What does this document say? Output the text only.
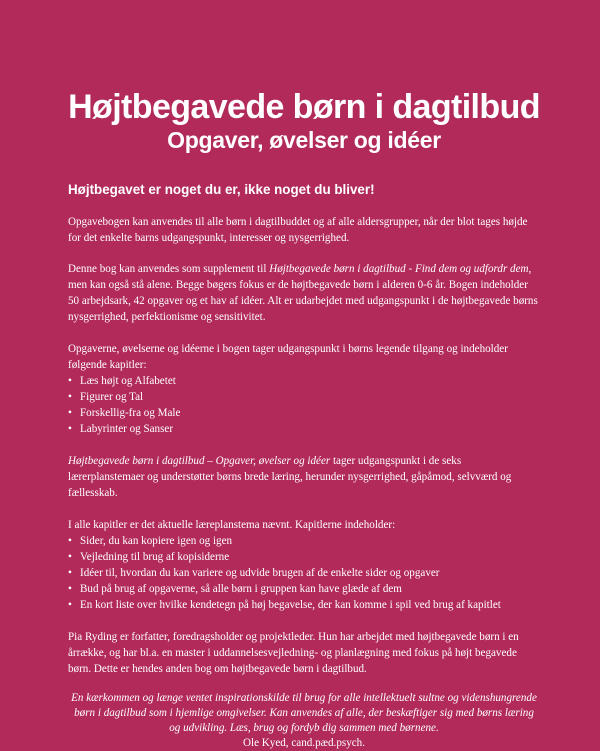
Højtbegavede børn i dagtilbud
Opgaver, øvelser og idéer

Højtbegavet er noget du er, ikke noget du bliver!

Opgavebogen kan anvendes til alle børn i dagtilbuddet og af alle aldersgrupper, når der blot tages højde for det enkelte barns udgangspunkt, interesser og nysgerrighed.

Denne bog kan anvendes som supplement til Højtbegavede børn i dagtilbud - Find dem og udfordr dem, men kan også stå alene. Begge bøgers fokus er de højtbegavede børn i alderen 0-6 år. Bogen indeholder 50 arbejdsark, 42 opgaver og et hav af idéer. Alt er udarbejdet med udgangspunkt i de højtbegavede børns nysgerrighed, perfektionisme og sensitivitet.

Opgaverne, øvelserne og idéerne i bogen tager udgangspunkt i børns legende tilgang og indeholder følgende kapitler:
• Læs højt og Alfabetet
• Figurer og Tal
• Forskellig-fra og Male
• Labyrinter og Sanser

Højtbegavede børn i dagtilbud – Opgaver, øvelser og idéer tager udgangspunkt i de seks lærerplanstemaer og understøtter børns brede læring, herunder nysgerrighed, gåpåmod, selvværd og fællesskab.

I alle kapitler er det aktuelle læreplanstema nævnt. Kapitlerne indeholder:
• Sider, du kan kopiere igen og igen
• Vejledning til brug af kopisiderne
• Idéer til, hvordan du kan variere og udvide brugen af de enkelte sider og opgaver
• Bud på brug af opgaverne, så alle børn i gruppen kan have glæde af dem
• En kort liste over hvilke kendetegn på høj begavelse, der kan komme i spil ved brug af kapitlet

Pia Ryding er forfatter, foredragsholder og projektleder. Hun har arbejdet med højtbegavede børn i en årrække, og har bl.a. en master i uddannelsesvejledning- og planlægning med fokus på højt begavede børn. Dette er hendes anden bog om højtbegavede børn i dagtilbud.

En kærkommen og længe ventet inspirationskilde til brug for alle intellektuelt sultne og videnshungrende børn i dagtilbud som i hjemlige omgivelser. Kan anvendes af alle, der beskæftiger sig med børns læring og udvikling. Læs, brug og fordyb dig sammen med børnene.

Ole Kyed, cand.pæd.psych.
